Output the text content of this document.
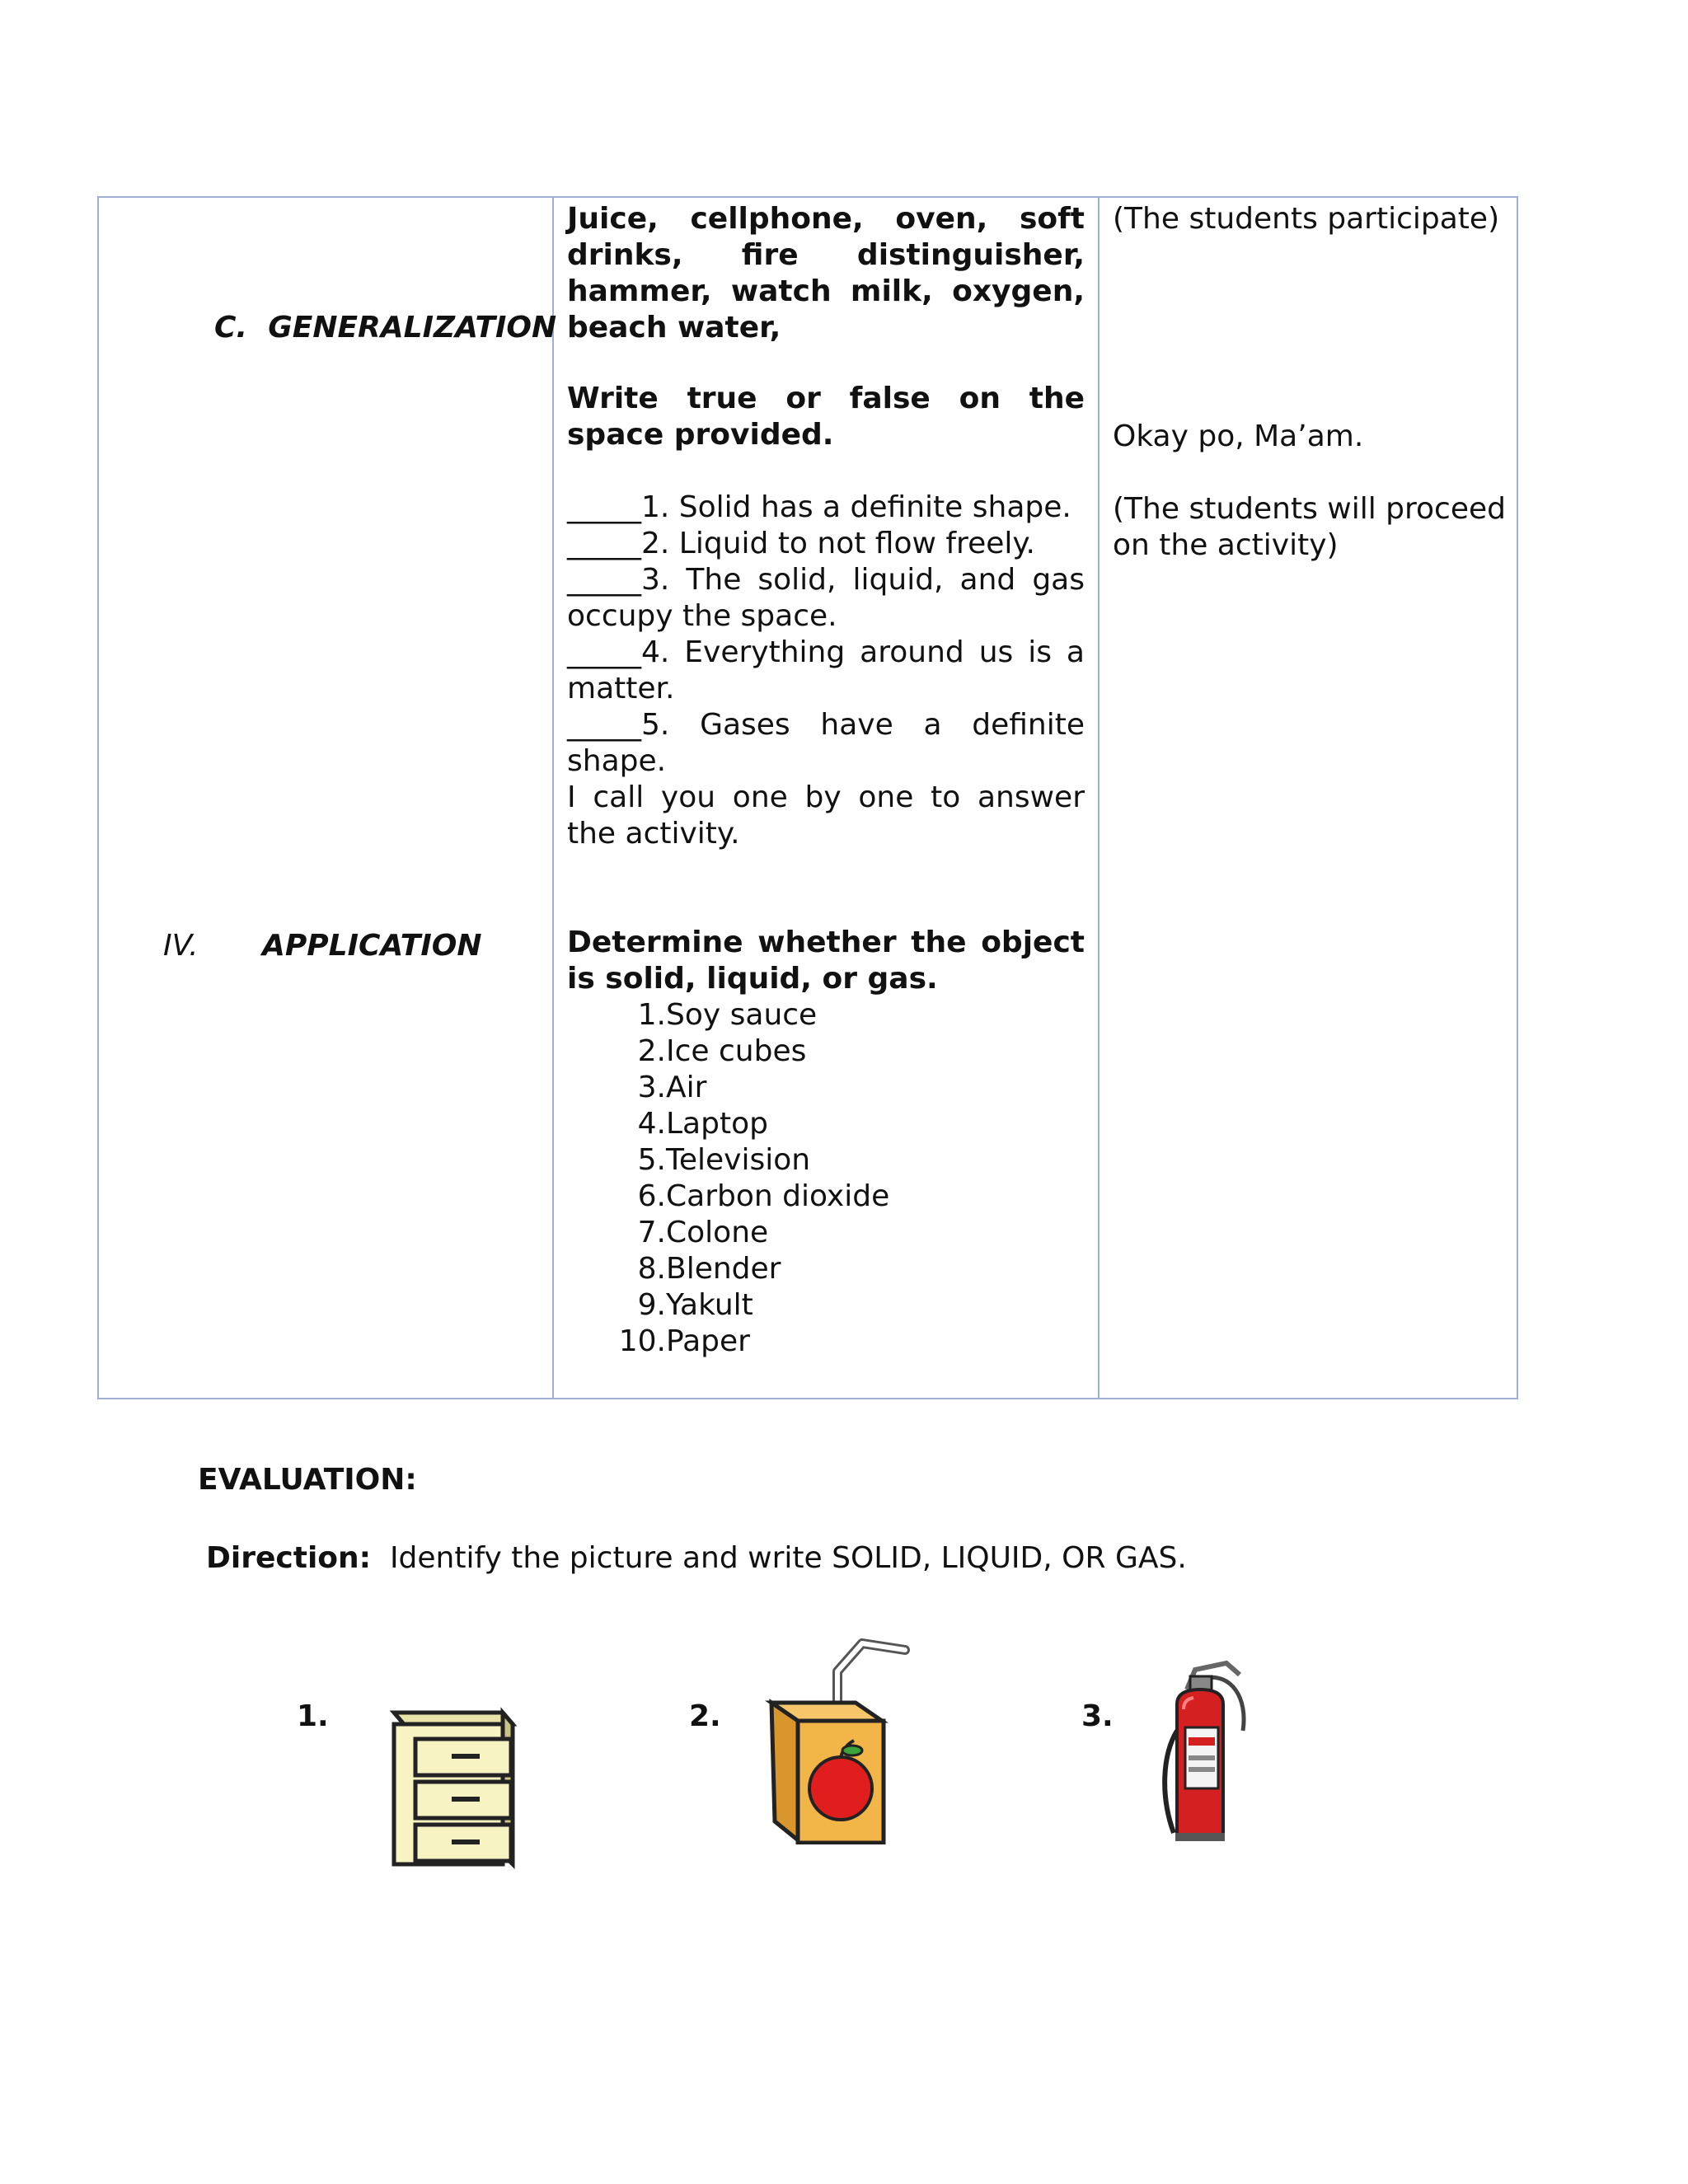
C. GENERALIZATION
IV. APPLICATION
Juice, cellphone, oven, soft drinks, fire distinguisher, hammer, watch milk, oxygen, beach water,
Write true or false on the space provided.
_____1. Solid has a definite shape.
_____2. Liquid to not flow freely.
_____3. The solid, liquid, and gas occupy the space.
_____4. Everything around us is a matter.
_____5. Gases have a definite shape.
I call you one by one to answer the activity.
Determine whether the object is solid, liquid, or gas.
1. Soy sauce
2. Ice cubes
3. Air
4. Laptop
5. Television
6. Carbon dioxide
7. Colone
8. Blender
9. Yakult
10. Paper
(The students participate)
Okay po, Ma’am.
(The students will proceed on the activity)
EVALUATION:
Direction: Identify the picture and write SOLID, LIQUID, OR GAS.
1.	2.	3.
